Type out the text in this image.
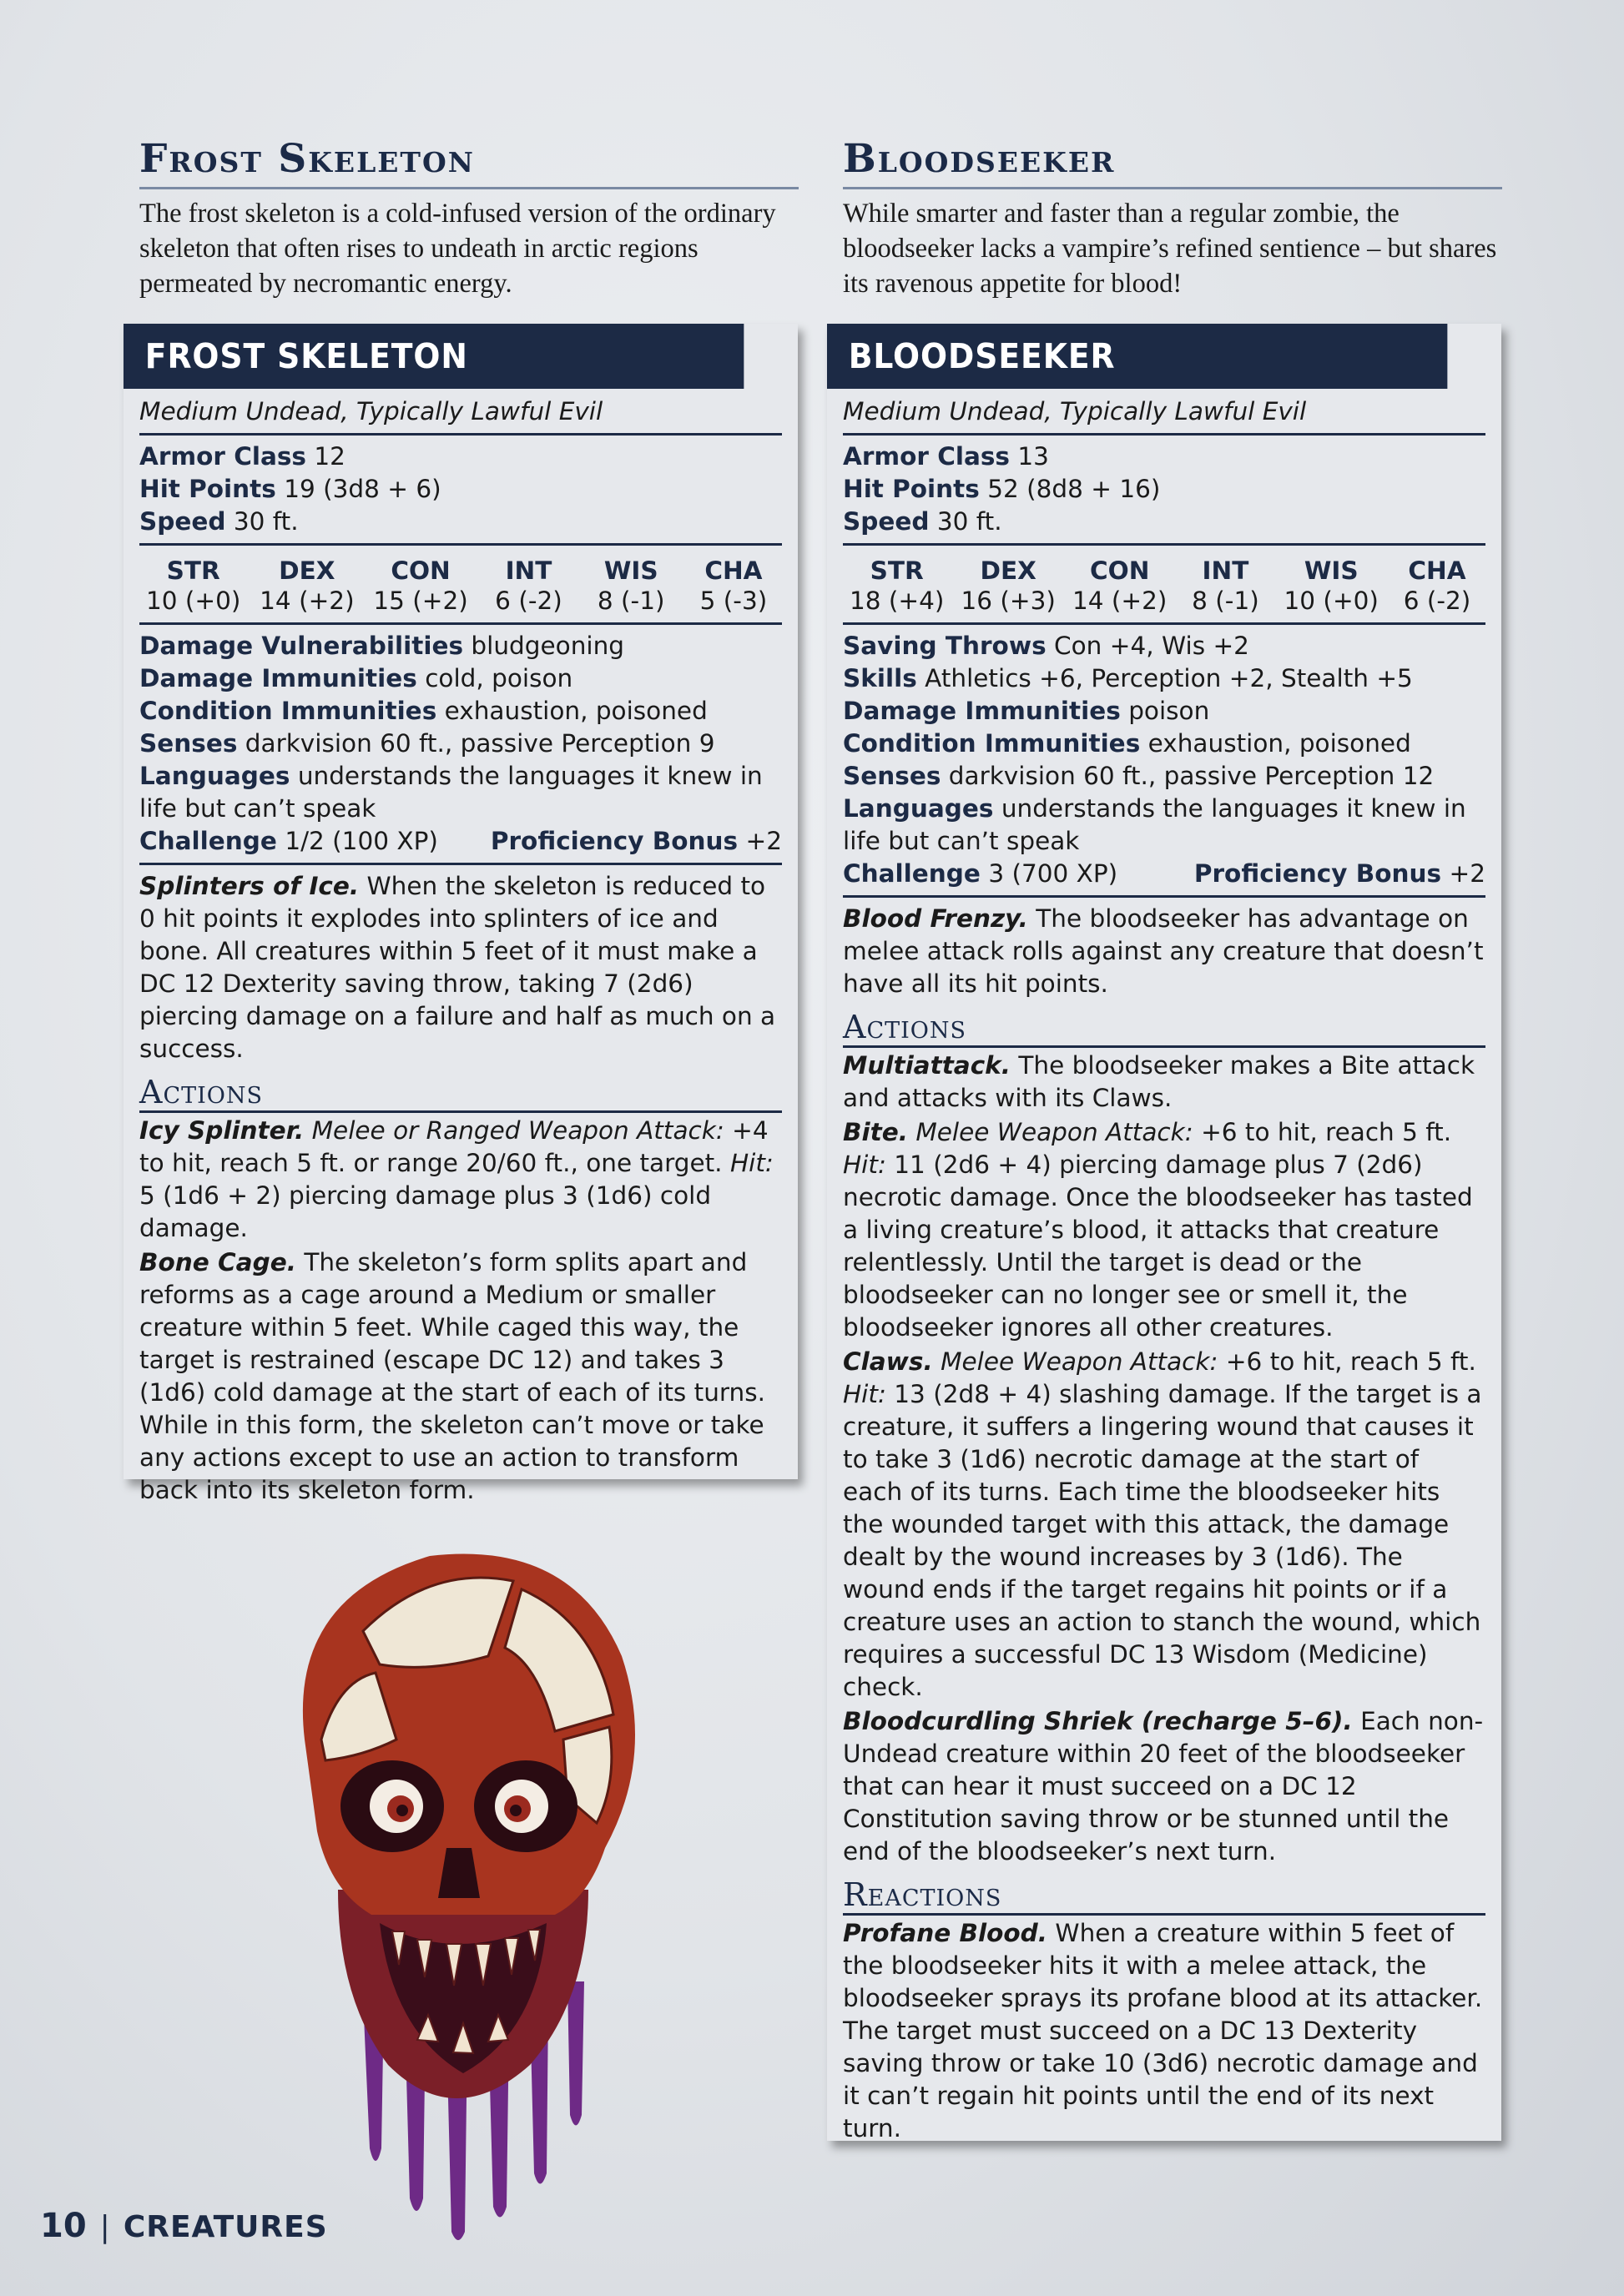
Frost Skeleton

The frost skeleton is a cold-infused version of the ordinary skeleton that often rises to undeath in arctic regions permeated by necromantic energy.

Bloodseeker

While smarter and faster than a regular zombie, the bloodseeker lacks a vampire’s refined sentience – but shares its ravenous appetite for blood!

FROST SKELETON

Medium Undead, Typically Lawful Evil

Armor Class 12

Hit Points 19 (3d8 + 6)

Speed 30 ft.

STR
10 (+0)
DEX
14 (+2)
CON
15 (+2)
INT
6 (-2)
WIS
8 (-1)
CHA
5 (-3)

Damage Vulnerabilities bludgeoning

Damage Immunities cold, poison

Condition Immunities exhaustion, poisoned

Senses darkvision 60 ft., passive Perception 9

Languages understands the languages it knew in life but can’t speak

Challenge 1/2 (100 XP) Proficiency Bonus +2

Splinters of Ice. When the skeleton is reduced to 0 hit points it explodes into splinters of ice and bone. All creatures within 5 feet of it must make a DC 12 Dexterity saving throw, taking 7 (2d6) piercing damage on a failure and half as much on a success.

Actions

Icy Splinter. Melee or Ranged Weapon Attack: +4 to hit, reach 5 ft. or range 20/60 ft., one target. Hit: 5 (1d6 + 2) piercing damage plus 3 (1d6) cold damage.

Bone Cage. The skeleton’s form splits apart and reforms as a cage around a Medium or smaller creature within 5 feet. While caged this way, the target is restrained (escape DC 12) and takes 3 (1d6) cold damage at the start of each of its turns. While in this form, the skeleton can’t move or take any actions except to use an action to transform back into its skeleton form.

BLOODSEEKER

Medium Undead, Typically Lawful Evil

Armor Class 13

Hit Points 52 (8d8 + 16)

Speed 30 ft.

STR
18 (+4)
DEX
16 (+3)
CON
14 (+2)
INT
8 (-1)
WIS
10 (+0)
CHA
6 (-2)

Saving Throws Con +4, Wis +2

Skills Athletics +6, Perception +2, Stealth +5

Damage Immunities poison

Condition Immunities exhaustion, poisoned

Senses darkvision 60 ft., passive Perception 12

Languages understands the languages it knew in life but can’t speak

Challenge 3 (700 XP)	Proficiency Bonus +2

Blood Frenzy. The bloodseeker has advantage on melee attack rolls against any creature that doesn’t have all its hit points.

Actions

Multiattack. The bloodseeker makes a Bite attack and attacks with its Claws.

Bite. Melee Weapon Attack: +6 to hit, reach 5 ft. Hit: 11 (2d6 + 4) piercing damage plus 7 (2d6) necrotic damage. Once the bloodseeker has tasted a living creature’s blood, it attacks that creature relentlessly. Until the target is dead or the bloodseeker can no longer see or smell it, the bloodseeker ignores all other creatures.

Claws. Melee Weapon Attack: +6 to hit, reach 5 ft. Hit: 13 (2d8 + 4) slashing damage. If the target is a creature, it suffers a lingering wound that causes it to take 3 (1d6) necrotic damage at the start of each of its turns. Each time the bloodseeker hits the wounded target with this attack, the damage dealt by the wound increases by 3 (1d6). The wound ends if the target regains hit points or if a creature uses an action to stanch the wound, which requires a successful DC 13 Wisdom (Medicine) check.

Bloodcurdling Shriek (recharge 5–6). Each non-Undead creature within 20 feet of the bloodseeker that can hear it must succeed on a DC 12 Constitution saving throw or be stunned until the end of the bloodseeker’s next turn.

Reactions

Profane Blood. When a creature within 5 feet of the bloodseeker hits it with a melee attack, the bloodseeker sprays its profane blood at its attacker. The target must succeed on a DC 13 Dexterity saving throw or take 10 (3d6) necrotic damage and it can’t regain hit points until the end of its next turn.

10 | CREATURES
